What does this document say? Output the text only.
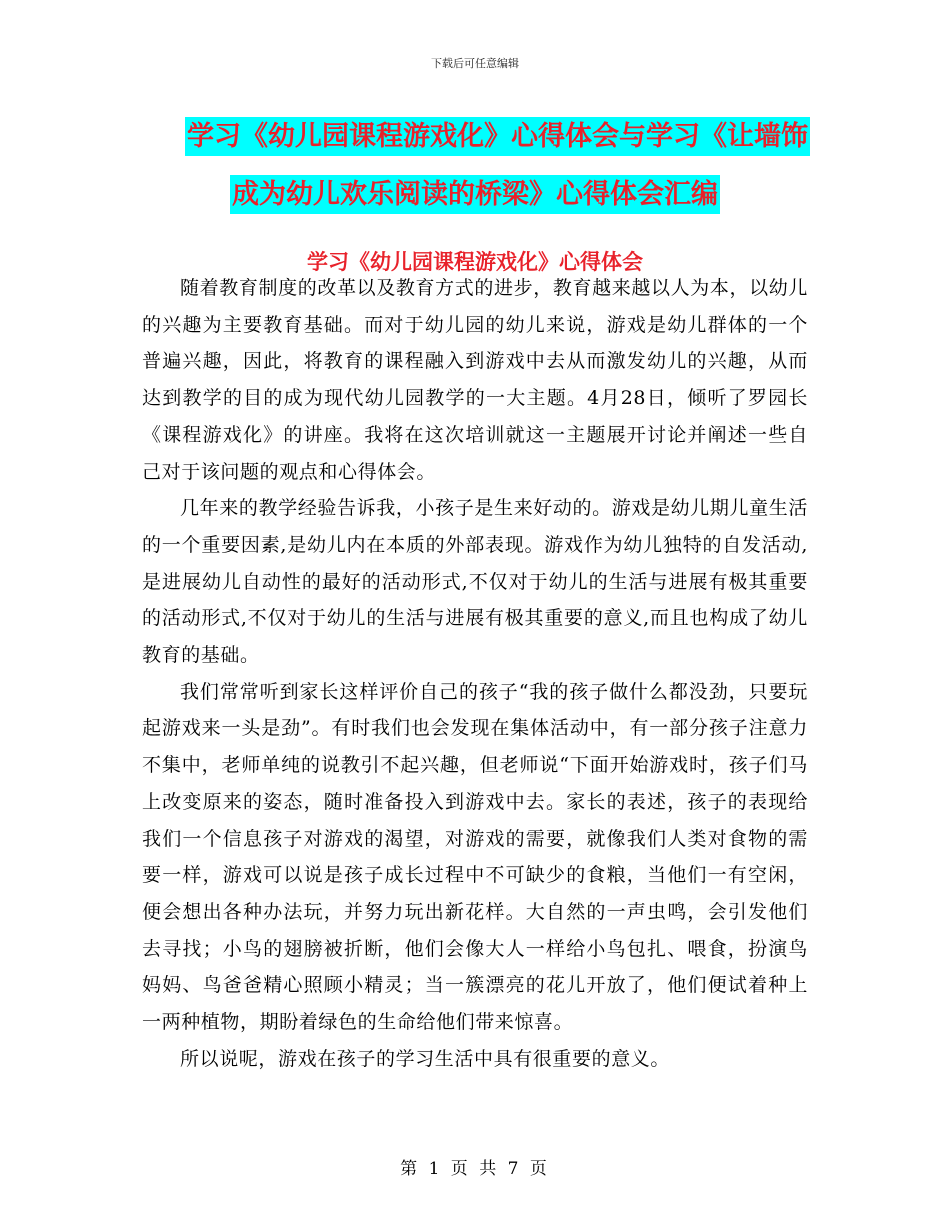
下载后可任意编辑
学习《幼儿园课程游戏化》心得体会与学习《让墙饰
成为幼儿欢乐阅读的桥梁》心得体会汇编
学习《幼儿园课程游戏化》心得体会

随着教育制度的改革以及教育方式的进步，教育越来越以人为本，以幼儿的兴趣为主要教育基础。而对于幼儿园的幼儿来说，游戏是幼儿群体的一个普遍兴趣，因此，将教育的课程融入到游戏中去从而激发幼儿的兴趣，从而达到教学的目的成为现代幼儿园教学的一大主题。4月28日，倾听了罗园长《课程游戏化》的讲座。我将在这次培训就这一主题展开讨论并阐述一些自己对于该问题的观点和心得体会。

几年来的教学经验告诉我，小孩子是生来好动的。游戏是幼儿期儿童生活的一个重要因素,是幼儿内在本质的外部表现。游戏作为幼儿独特的自发活动,是进展幼儿自动性的最好的活动形式,不仅对于幼儿的生活与进展有极其重要的活动形式,不仅对于幼儿的生活与进展有极其重要的意义,而且也构成了幼儿教育的基础。

我们常常听到家长这样评价自己的孩子“我的孩子做什么都没劲，只要玩起游戏来一头是劲”。有时我们也会发现在集体活动中，有一部分孩子注意力不集中，老师单纯的说教引不起兴趣，但老师说“下面开始游戏时，孩子们马上改变原来的姿态，随时准备投入到游戏中去。家长的表述，孩子的表现给我们一个信息孩子对游戏的渴望，对游戏的需要，就像我们人类对食物的需要一样，游戏可以说是孩子成长过程中不可缺少的食粮，当他们一有空闲，便会想出各种办法玩，并努力玩出新花样。大自然的一声虫鸣，会引发他们去寻找；小鸟的翅膀被折断，他们会像大人一样给小鸟包扎、喂食，扮演鸟妈妈、鸟爸爸精心照顾小精灵；当一簇漂亮的花儿开放了，他们便试着种上一两种植物，期盼着绿色的生命给他们带来惊喜。

所以说呢，游戏在孩子的学习生活中具有很重要的意义。

第 1 页 共 7 页
